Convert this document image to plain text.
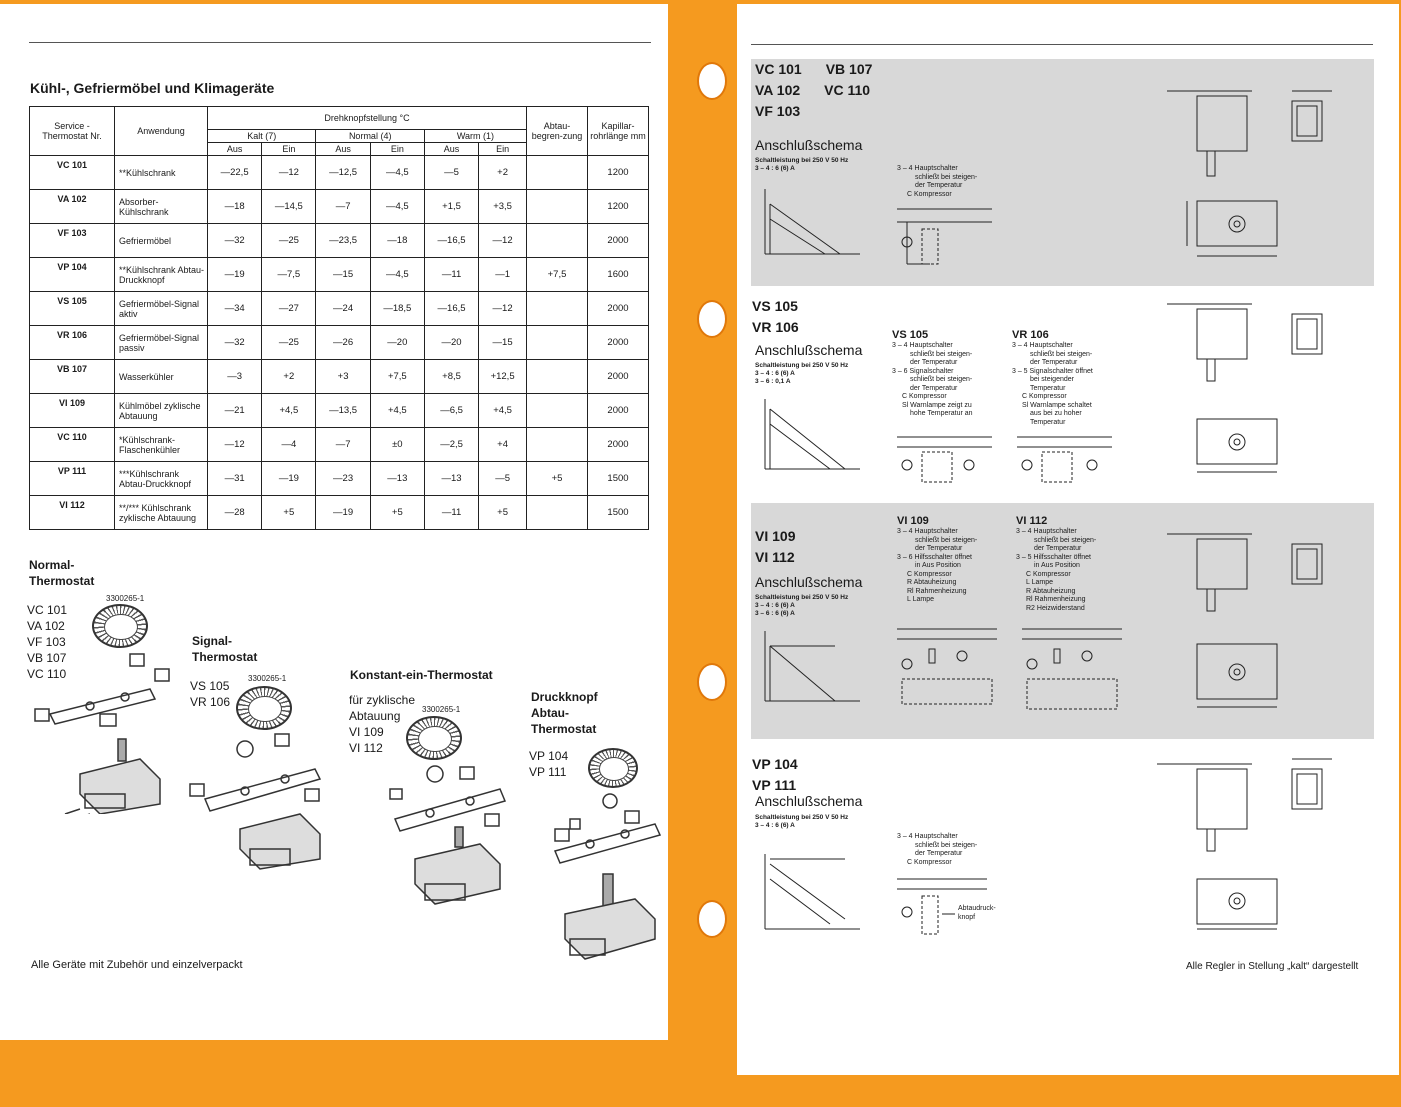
Kühl-, Gefriermöbel und Klimageräte
Service -Thermostat Nr.	Anwendung	Drehknopfstellung °C						Abtau-begren-zung	Kapillar-rohrlänge mm
		Kalt (7)		Normal (4)		Warm (1)			
		Aus	Ein	Aus	Ein	Aus	Ein		
VC 101	**Kühlschrank	—22,5	—12	—12,5	—4,5	—5	+2		1200
VA 102	Absorber-Kühlschrank	—18	—14,5	—7	—4,5	+1,5	+3,5		1200
VF 103	Gefriermöbel	—32	—25	—23,5	—18	—16,5	—12		2000
VP 104	**Kühlschrank Abtau-Druckknopf	—19	—7,5	—15	—4,5	—11	—1	+7,5	1600
VS 105	Gefriermöbel-Signal aktiv	—34	—27	—24	—18,5	—16,5	—12		2000
VR 106	Gefriermöbel-Signal passiv	—32	—25	—26	—20	—20	—15		2000
VB 107	Wasserkühler	—3	+2	+3	+7,5	+8,5	+12,5		2000
VI 109	Kühlmöbel zyklische Abtauung	—21	+4,5	—13,5	+4,5	—6,5	+4,5		2000
VC 110	*Kühlschrank-Flaschenkühler	—12	—4	—7	±0	—2,5	+4		2000
VP 111	***Kühlschrank Abtau-Druckknopf	—31	—19	—23	—13	—13	—5	+5	1500
VI 112	**/*** Kühlschrank zyklische Abtauung	—28	+5	—19	+5	—11	+5		1500
Normal-
Thermostat
VC 101
VA 102
VF 103
VB 107
VC 110
3300265-1
Signal-
Thermostat
VS 105
VR 106
3300265-1	Konstant-ein-Thermostat
für zyklische
Abtauung
VI 109
VI 112
3300265-1
Druckknopf
Abtau-
Thermostat
VP 104
VP 111
Alle Geräte mit Zubehör und einzelverpackt
VC 101 VB 107
VA 102 VC 110
VF 103
Anschlußschema
Schaltleistung bei 250 V 50 Hz
3 – 4 : 6 (6) A	3 – 4 Hauptschalter
schließt bei steigen-
der Temperatur
C Kompressor
VS 105
VR 106
Anschlußschema
Schaltleistung bei 250 V 50 Hz
3 – 4 : 6 (6) A
3 – 6 : 0,1 A
VS 105
3 – 4 Hauptschalter
schließt bei steigen-
der Temperatur
3 – 6 Signalschalter
schließt bei steigen-
der Temperatur
C Kompressor
Sl Warnlampe zeigt zu
hohe Temperatur an
VR 106
3 – 4 Hauptschalter
schließt bei steigen-
der Temperatur
3 – 5 Signalschalter öffnet
bei steigender
Temperatur
C Kompressor
Sl Warnlampe schaltet
aus bei zu hoher
Temperatur
VI 109
VI 112
Anschlußschema
Schaltleistung bei 250 V 50 Hz
3 – 4 : 6 (6) A
3 – 6 : 6 (6) A
VI 109
3 – 4 Hauptschalter
schließt bei steigen-
der Temperatur
3 – 6 Hilfsschalter öffnet
in Aus Position
C Kompressor
R Abtauheizung
Rl Rahmenheizung
L Lampe
VI 112
3 – 4 Hauptschalter
schließt bei steigen-
der Temperatur
3 – 5 Hilfsschalter öffnet
in Aus Position
C Kompressor
L Lampe
R Abtauheizung
Rl Rahmenheizung
R2 Heizwiderstand
VP 104
VP 111
Anschlußschema
Schaltleistung bei 250 V 50 Hz
3 – 4 : 6 (6) A
3 – 4 Hauptschalter
schließt bei steigen-
der Temperatur
C Kompressor
Abtaudruck-knopf
Alle Regler in Stellung „kalt“ dargestellt
